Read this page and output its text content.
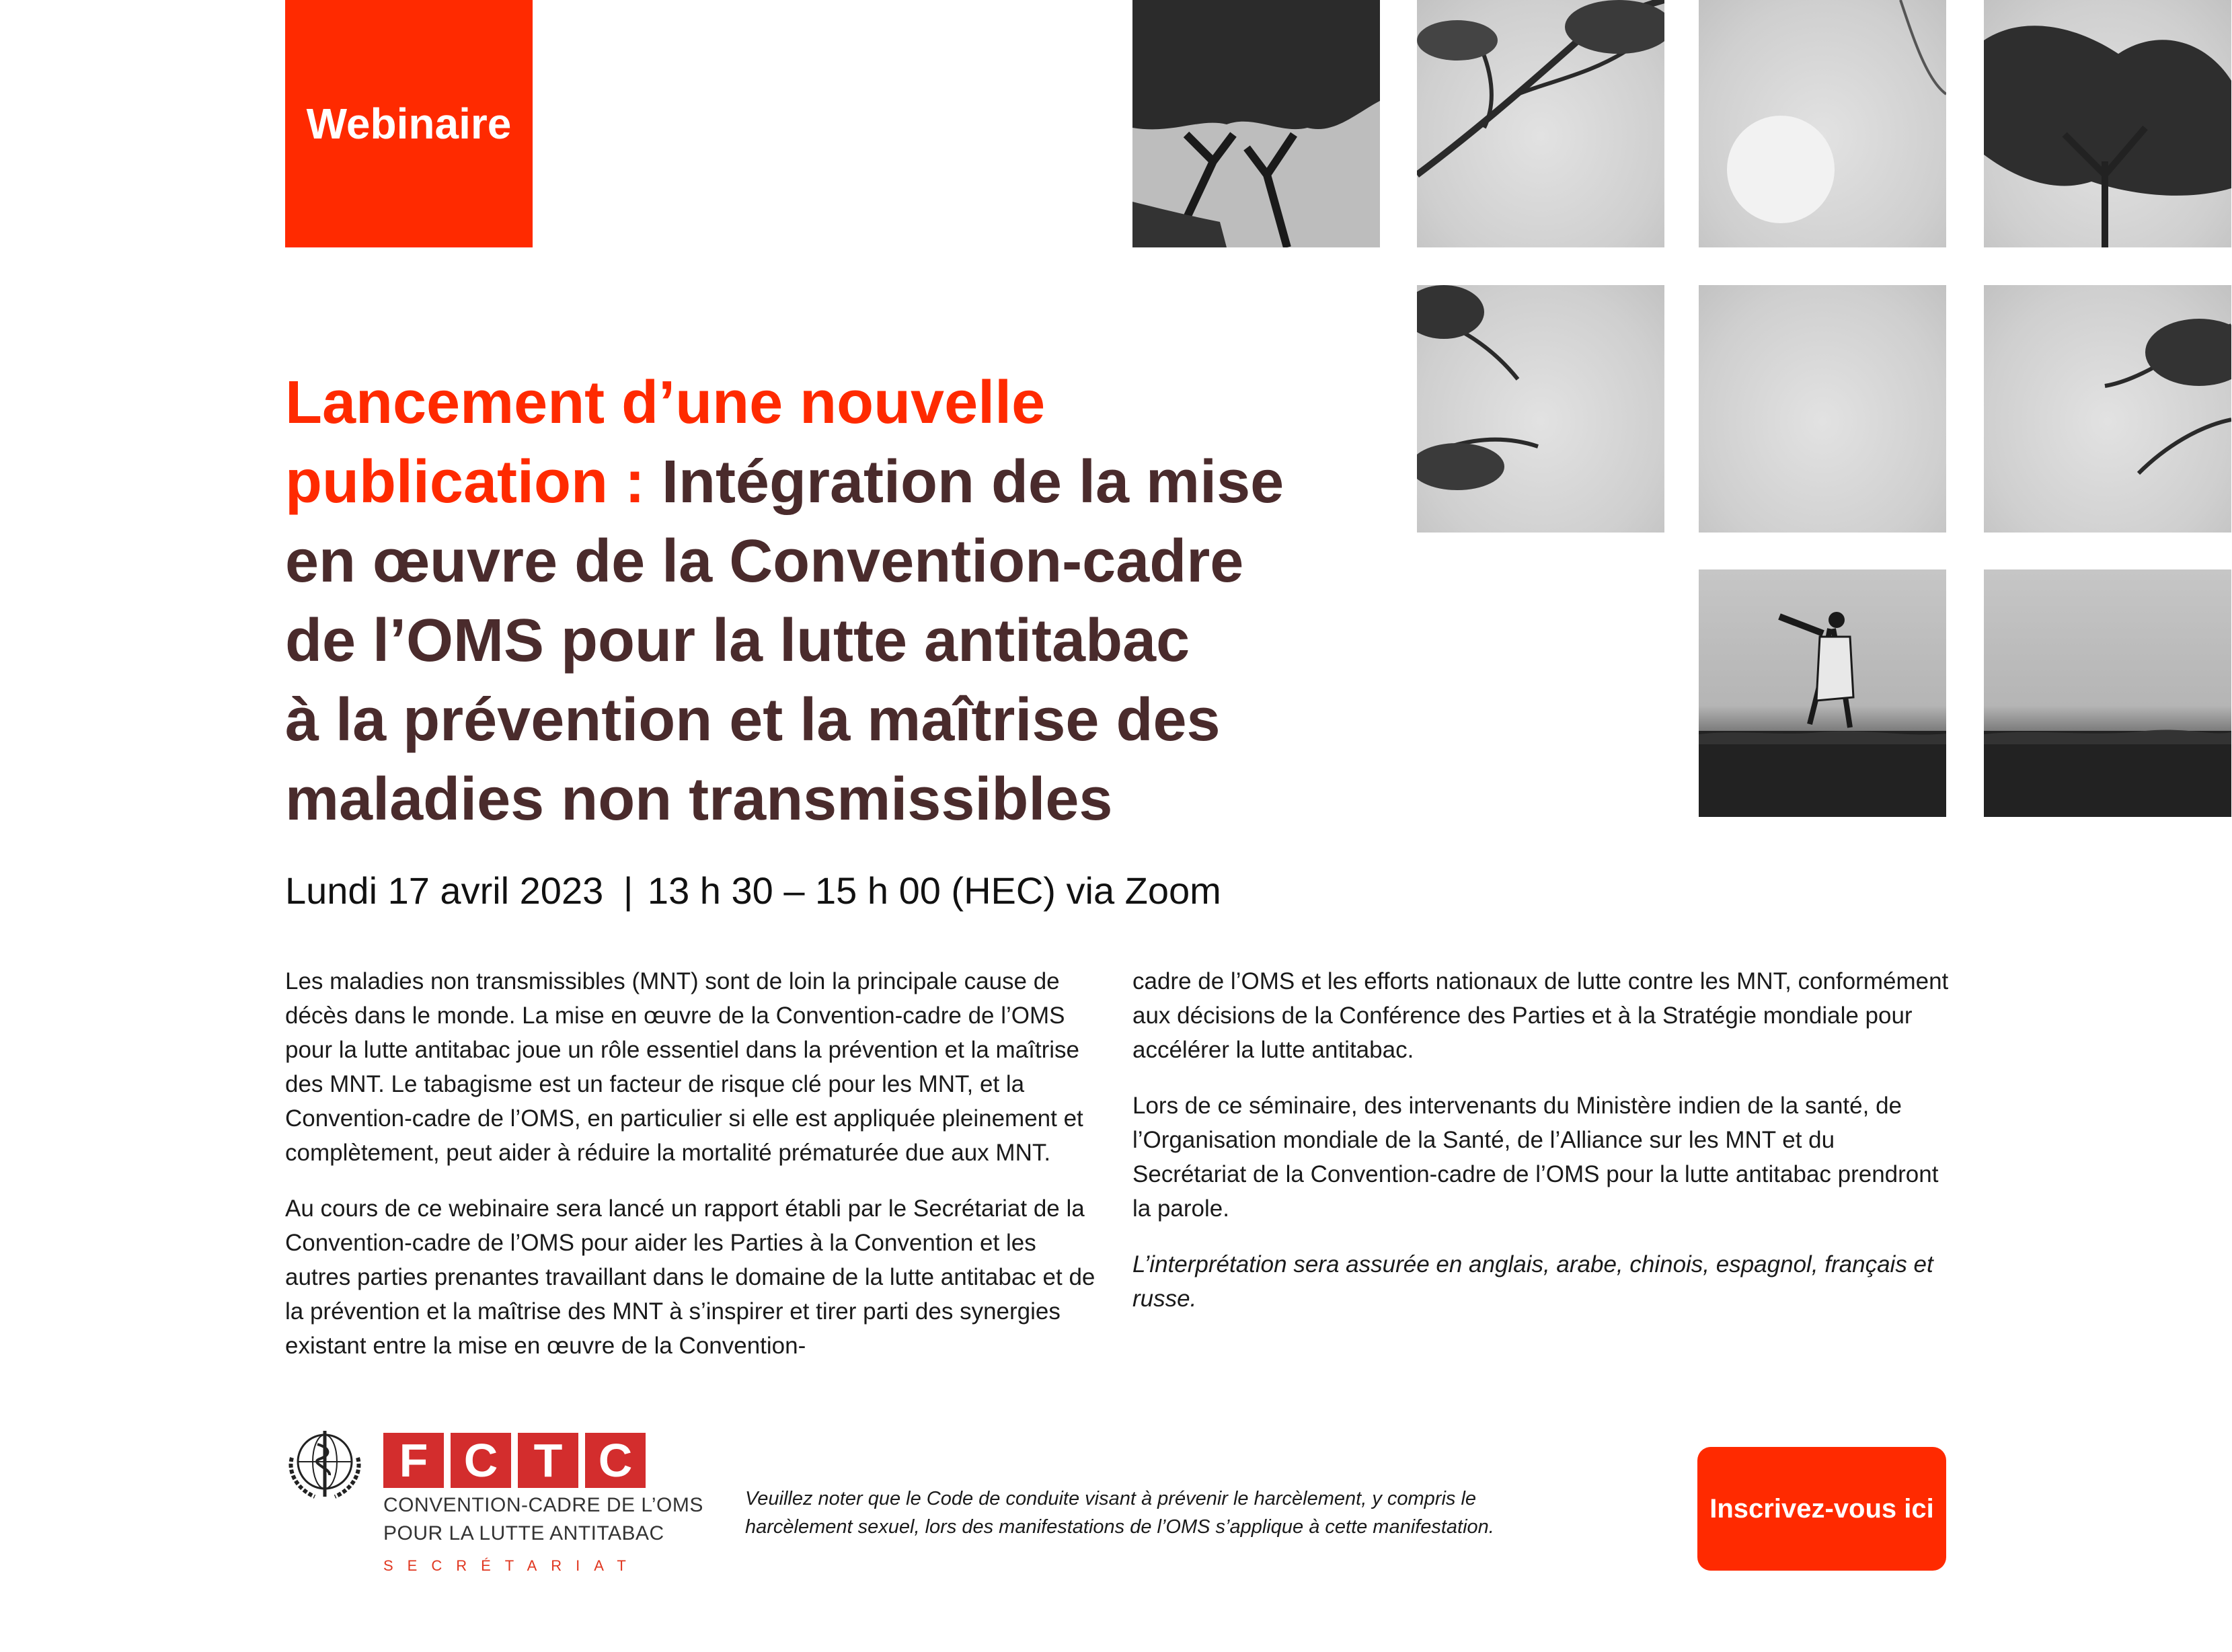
Webinaire
Lancement d’une nouvelle
publication : Intégration de la mise
en œuvre de la Convention-cadre
de l’OMS pour la lutte antitabac
à la prévention et la maîtrise des
maladies non transmissibles
Lundi 17 avril 2023 | 13 h 30 – 15 h 00 (HEC) via Zoom

Les maladies non transmissibles (MNT) sont de loin la principale cause de décès dans le monde. La mise en œuvre de la Convention-cadre de l’OMS pour la lutte antitabac joue un rôle essentiel dans la prévention et la maîtrise des MNT. Le tabagisme est un facteur de risque clé pour les MNT, et la Convention-cadre de l’OMS, en particulier si elle est appliquée pleinement et complètement, peut aider à réduire la mortalité prématurée due aux MNT.

Au cours de ce webinaire sera lancé un rapport établi par le Secrétariat de la Convention-cadre de l’OMS pour aider les Parties à la Convention et les autres parties prenantes travaillant dans le domaine de la lutte antitabac et de la prévention et la maîtrise des MNT à s’inspirer et tirer parti des synergies existant entre la mise en œuvre de la Convention-

cadre de l’OMS et les efforts nationaux de lutte contre les MNT, conformément aux décisions de la Conférence des Parties et à la Stratégie mondiale pour accélérer la lutte antitabac.

Lors de ce séminaire, des intervenants du Ministère indien de la santé, de l’Organisation mondiale de la Santé, de l’Alliance sur les MNT et du Secrétariat de la Convention-cadre de l’OMS pour la lutte antitabac prendront la parole.

L’interprétation sera assurée en anglais, arabe, chinois, espagnol, français et russe.

F C T C
CONVENTION-CADRE DE L’OMS
POUR LA LUTTE ANTITABAC
SECRÉTARIAT
Veuillez noter que le Code de conduite visant à prévenir le harcèlement, y compris le
harcèlement sexuel, lors des manifestations de l’OMS s’applique à cette manifestation.
Inscrivez-vous ici
